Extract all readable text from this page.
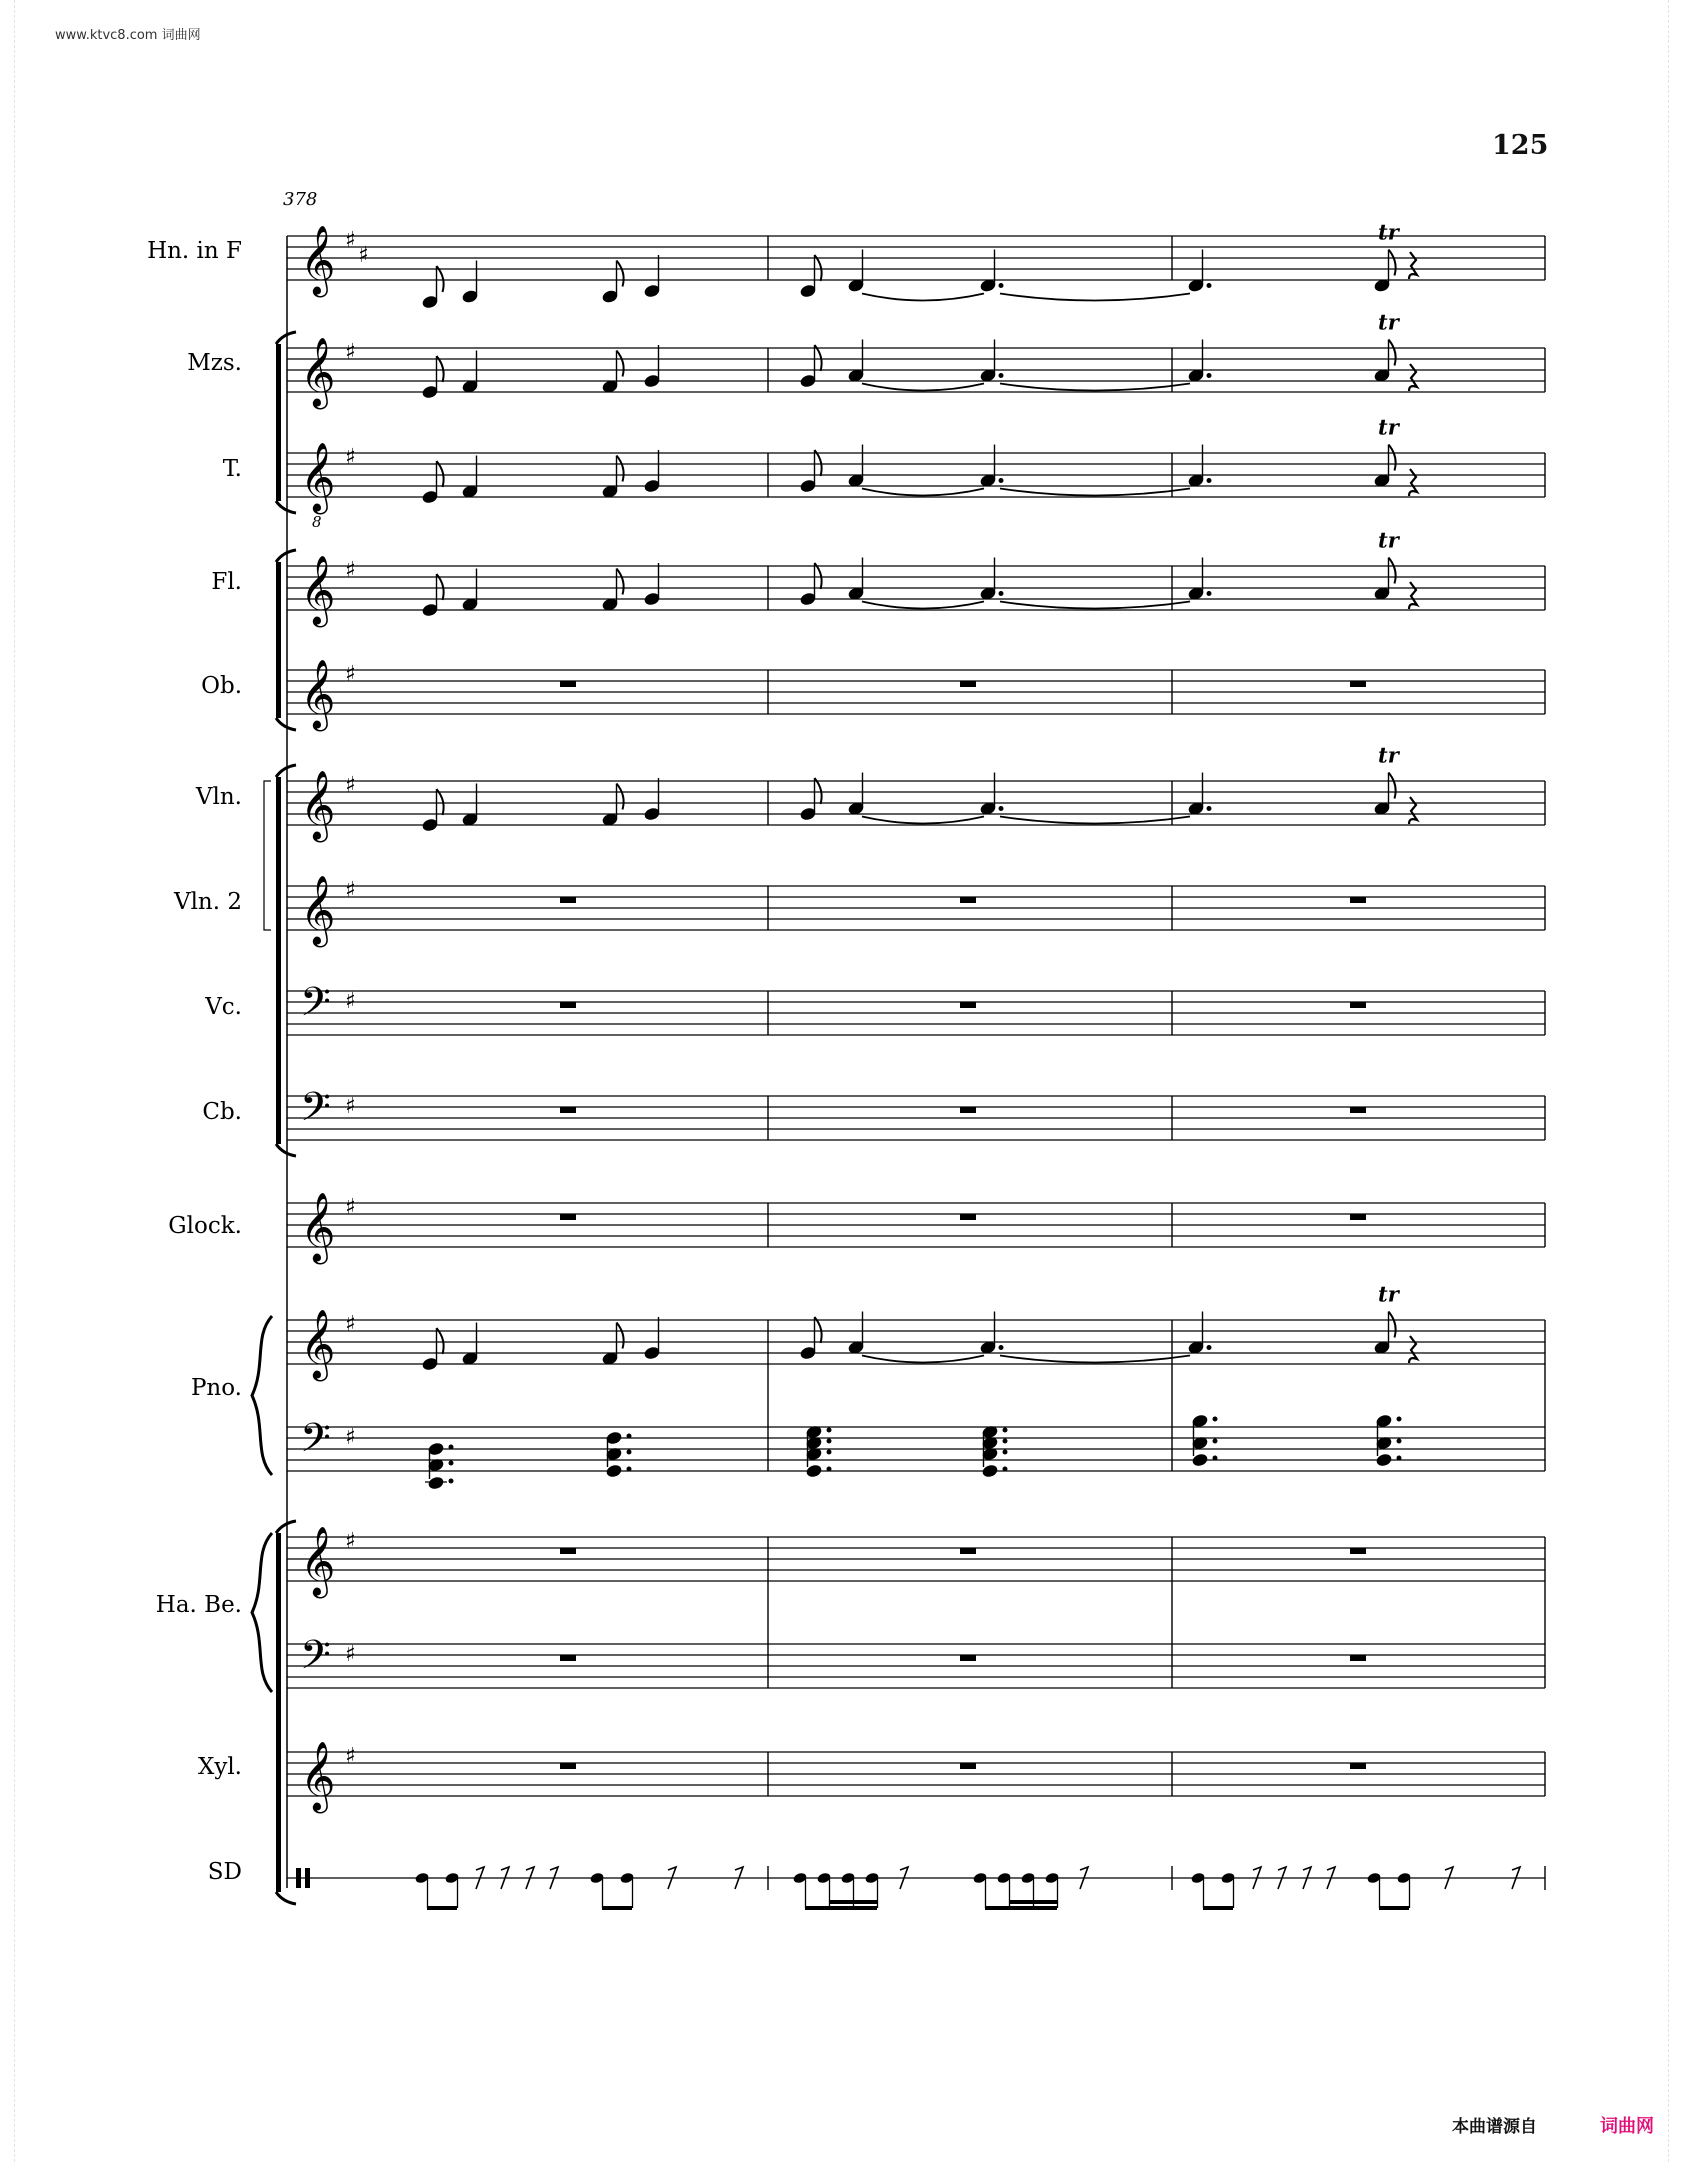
www.ktvc8.com 词曲网
125
𝄞 ♯
♯
𝄞 ♯
𝄞
8
♯
𝄞 ♯
𝄞 ♯
𝄞 ♯
𝄞 ♯
𝄢 ♯
𝄢 ♯
𝄞 ♯
𝄞 ♯
𝄢 ♯
𝄞 ♯
𝄢 ♯
𝄞 ♯
Hn. in F
Mzs.
T.
Fl.
Ob.
Vln.
Vln. 2
Vc.
Cb.
Glock.
Pno.
Ha. Be.
Xyl.
SD
378
tr
tr
tr
tr
tr
tr
本曲谱源自	词曲网
